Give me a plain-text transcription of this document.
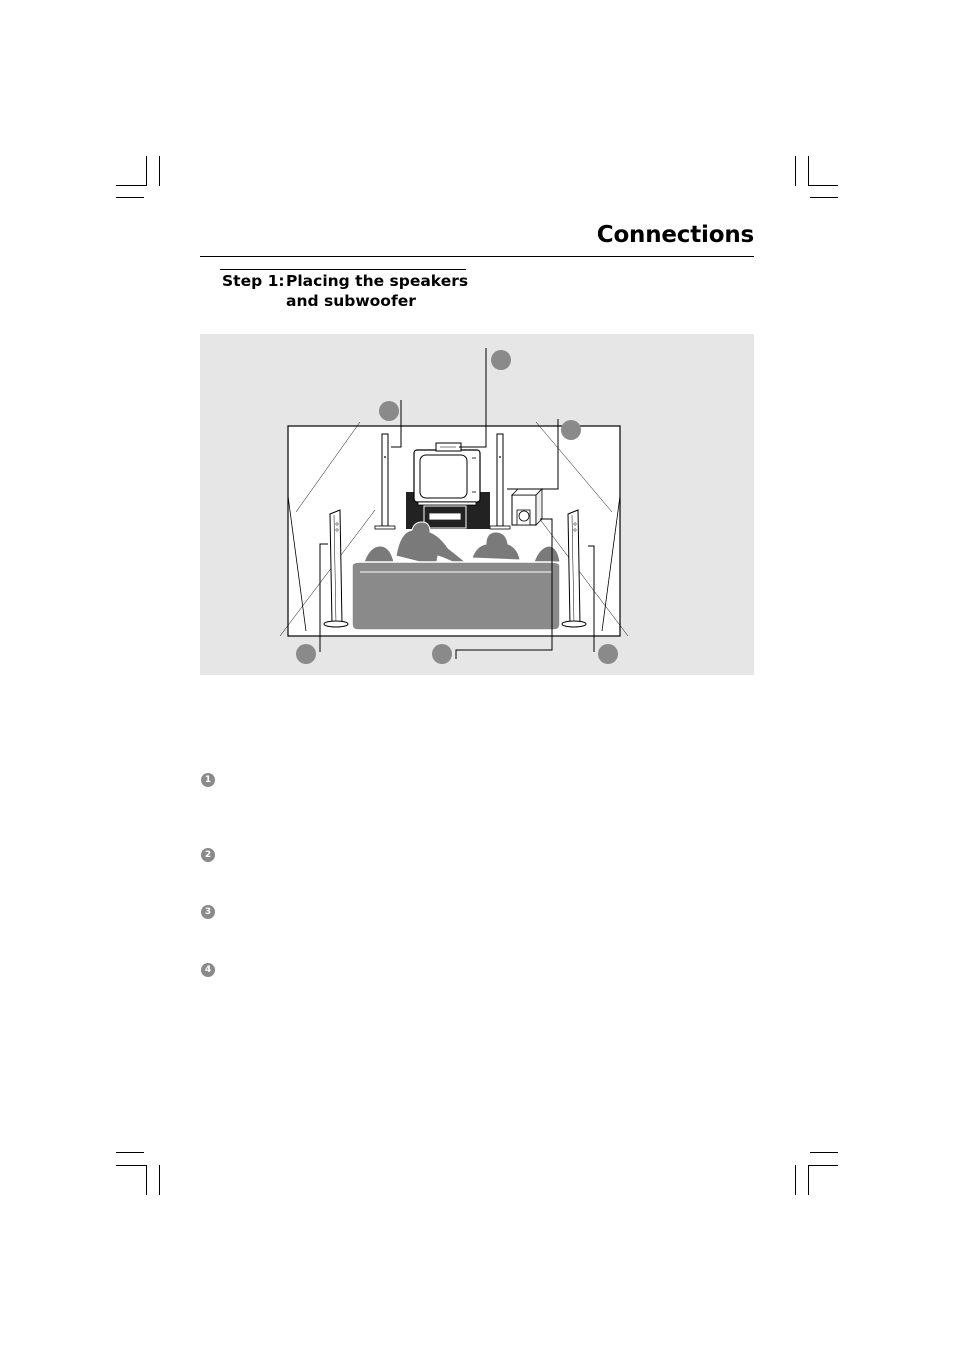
Connections
Step 1: Placing the speakers
and subwoofer
1
2
3
4
